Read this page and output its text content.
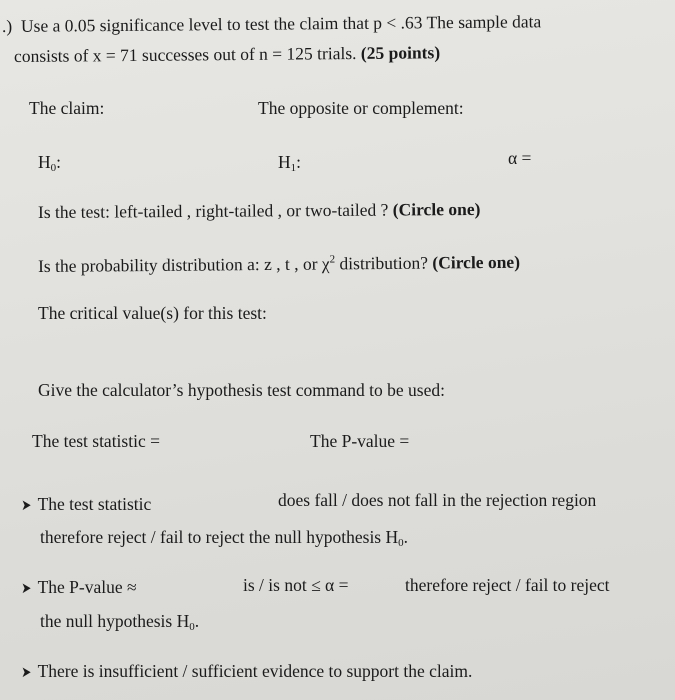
.) Use a 0.05 significance level to test the claim that p < .63 The sample data
consists of x = 71 successes out of n = 125 trials. (25 points)
The claim:	The opposite or complement:
$H_0$:	$H_1$:	α =
Is the test: left-tailed , right-tailed , or two-tailed ? (Circle one)
Is the probability distribution a: z , t , or $\chi^2$ distribution? (Circle one)
The critical value(s) for this test:
Give the calculator’s hypothesis test command to be used:
The test statistic =	The P-value =
➤ The test statistic	does fall / does not fall in the rejection region
therefore reject / fail to reject the null hypothesis $H_0$.
➤ The P-value ≈	is / is not ≤ α =	therefore reject / fail to reject
the null hypothesis $H_0$.
➤ There is insufficient / sufficient evidence to support the claim.
